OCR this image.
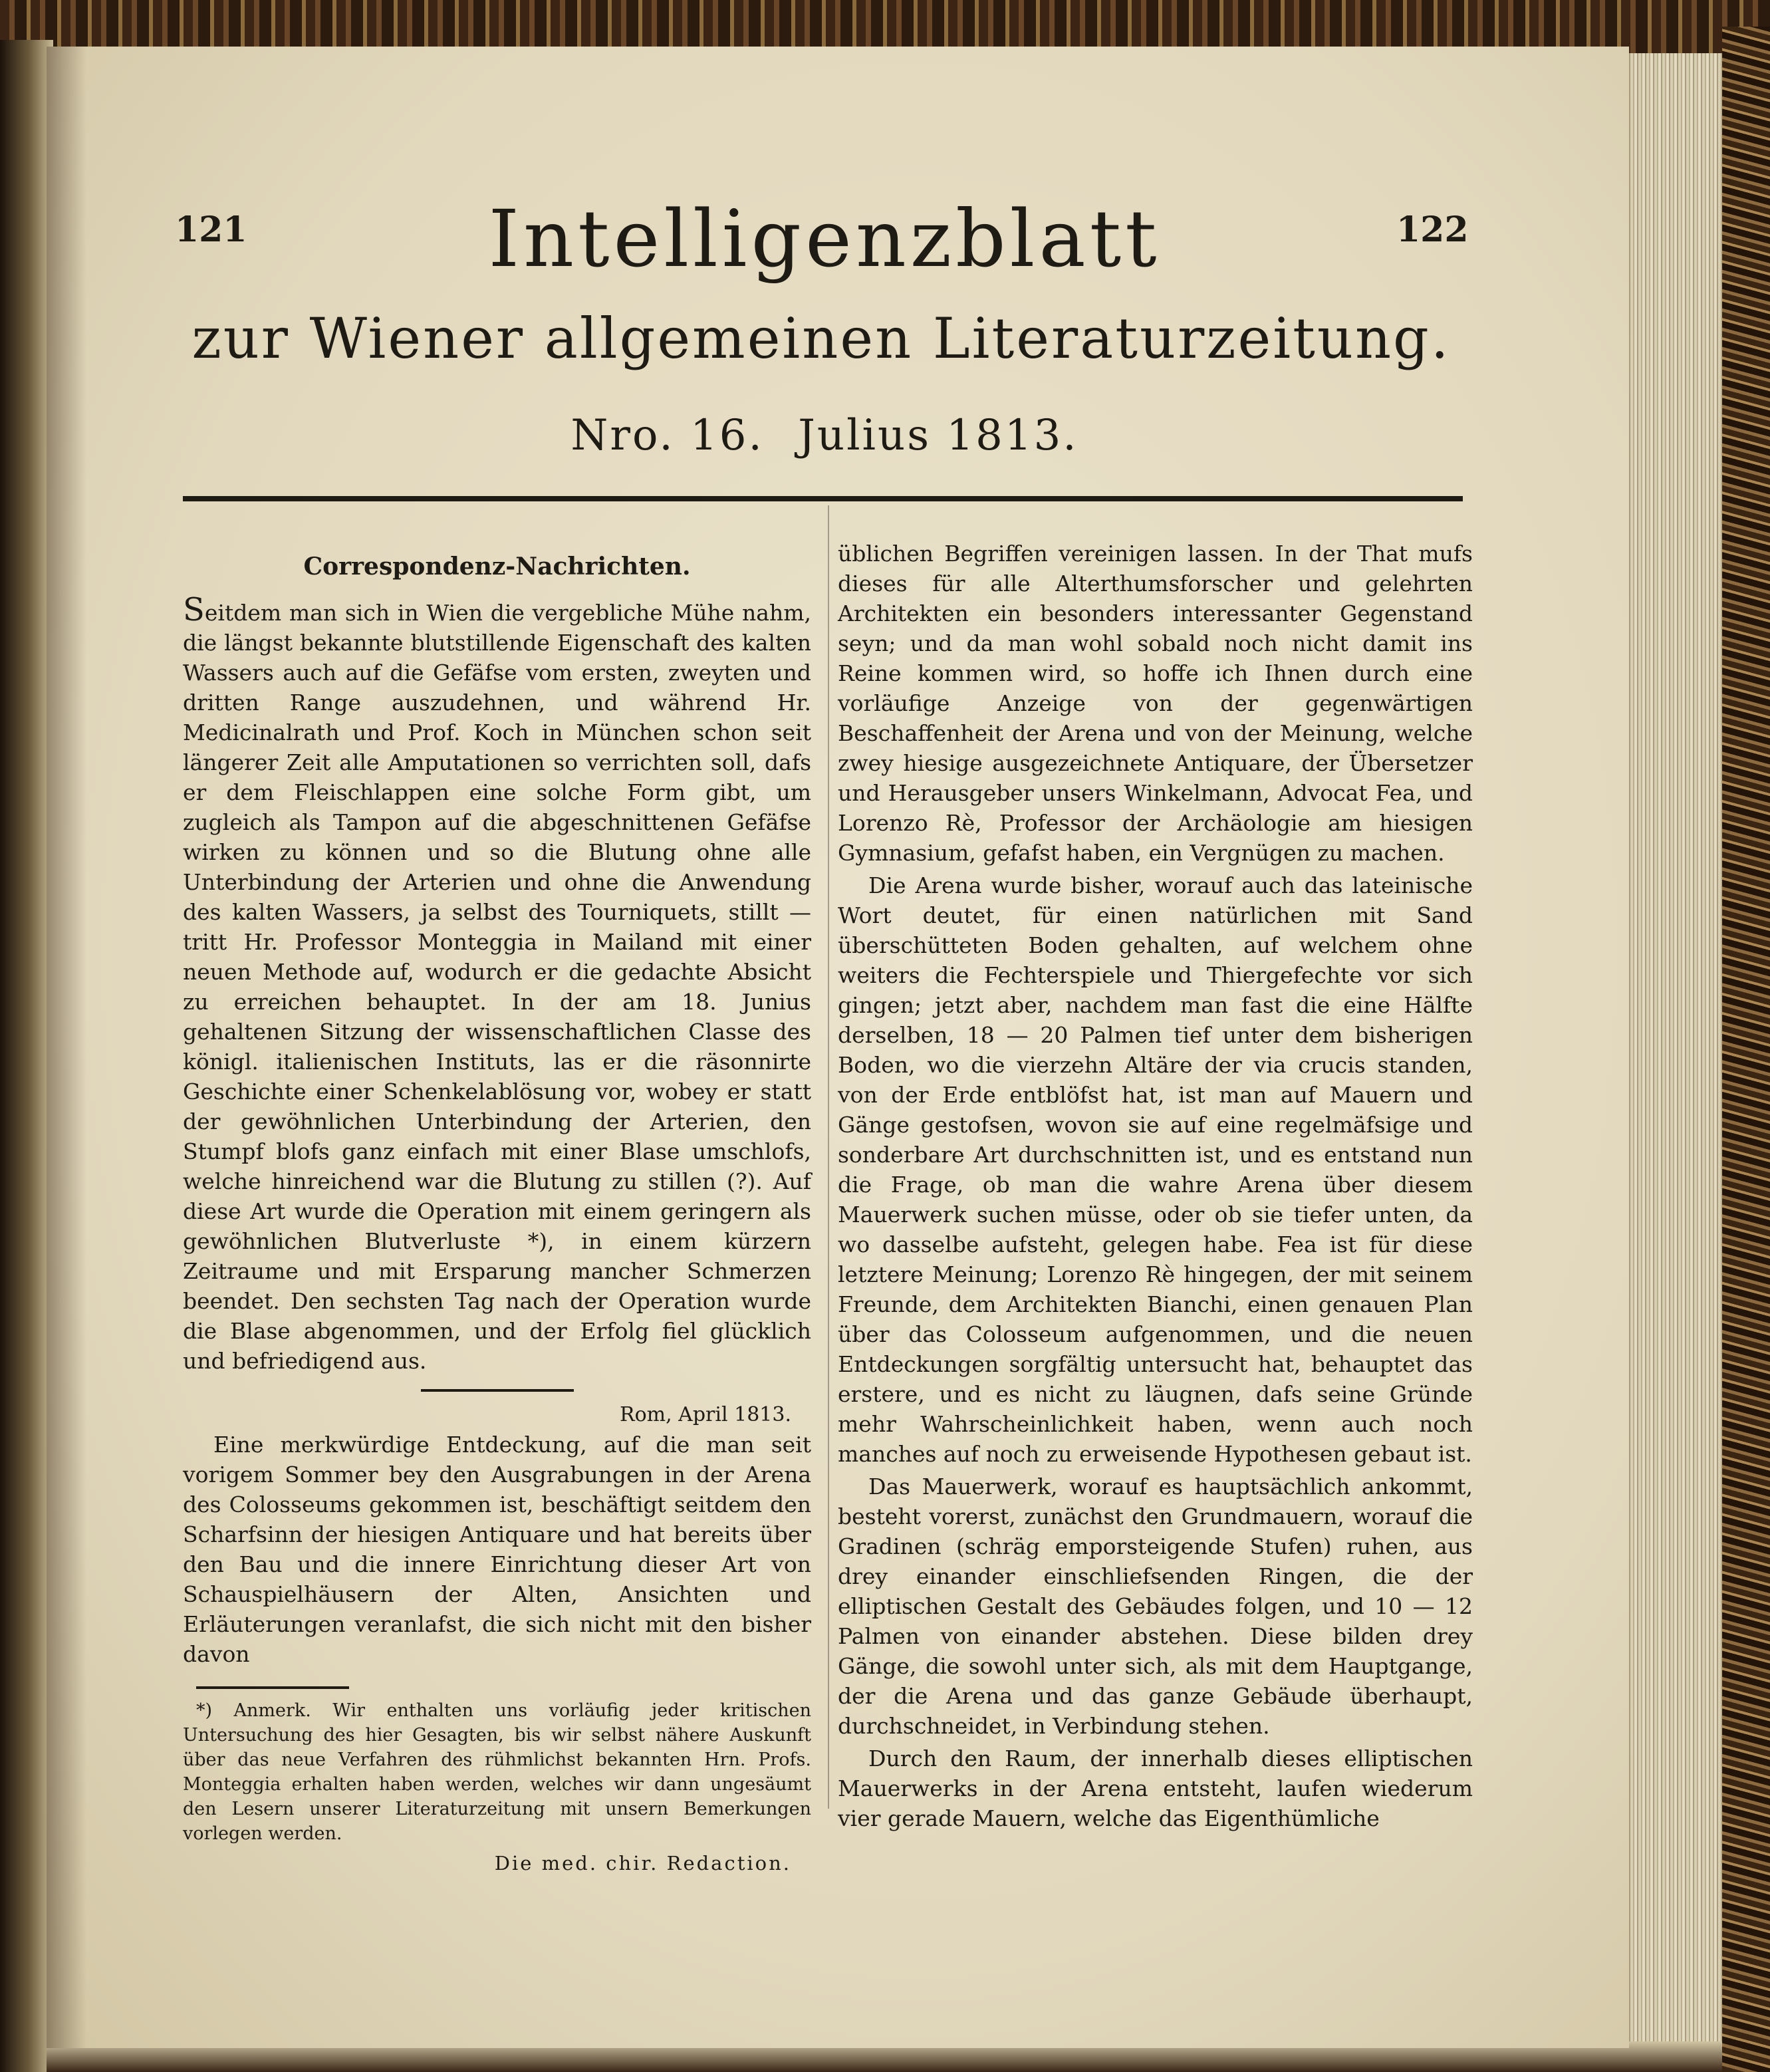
121	122
Intelligenzblatt
zur Wiener allgemeinen Literaturzeitung.
Nro. 16. Julius 1813.
Correspondenz-Nachrichten.

Seitdem man sich in Wien die vergebliche Mühe nahm, die längst bekannte blutstillende Eigenschaft des kalten Wassers auch auf die Gefäfse vom ersten, zweyten und dritten Range auszudehnen, und während Hr. Medicinalrath und Prof. Koch in München schon seit längerer Zeit alle Amputationen so verrichten soll, dafs er dem Fleischlappen eine solche Form gibt, um zugleich als Tampon auf die abgeschnittenen Gefäfse wirken zu können und so die Blutung ohne alle Unterbindung der Arterien und ohne die Anwendung des kalten Wassers, ja selbst des Tourniquets, stillt — tritt Hr. Professor Monteggia in Mailand mit einer neuen Methode auf, wodurch er die gedachte Absicht zu erreichen behauptet. In der am 18. Junius gehaltenen Sitzung der wissenschaftlichen Classe des königl. italienischen Instituts, las er die räsonnirte Geschichte einer Schenkelablösung vor, wobey er statt der gewöhnlichen Unterbindung der Arterien, den Stumpf blofs ganz einfach mit einer Blase umschlofs, welche hinreichend war die Blutung zu stillen (?). Auf diese Art wurde die Operation mit einem geringern als gewöhnlichen Blutverluste *), in einem kürzern Zeitraume und mit Ersparung mancher Schmerzen beendet. Den sechsten Tag nach der Operation wurde die Blase abgenommen, und der Erfolg fiel glücklich und befriedigend aus.

Rom, April 1813.

Eine merkwürdige Entdeckung, auf die man seit vorigem Sommer bey den Ausgrabungen in der Arena des Colosseums gekommen ist, beschäftigt seitdem den Scharfsinn der hiesigen Antiquare und hat bereits über den Bau und die innere Einrichtung dieser Art von Schauspielhäusern der Alten, Ansichten und Erläuterungen veranlafst, die sich nicht mit den bisher davon

*) Anmerk. Wir enthalten uns vorläufig jeder kritischen Untersuchung des hier Gesagten, bis wir selbst nähere Auskunft über das neue Verfahren des rühmlichst bekannten Hrn. Profs. Monteggia erhalten haben werden, welches wir dann ungesäumt den Lesern unserer Literaturzeitung mit unsern Bemerkungen vorlegen werden.

Die med. chir. Redaction.

üblichen Begriffen vereinigen lassen. In der That mufs dieses für alle Alterthumsforscher und gelehrten Architekten ein besonders interessanter Gegenstand seyn; und da man wohl sobald noch nicht damit ins Reine kommen wird, so hoffe ich Ihnen durch eine vorläufige Anzeige von der gegenwärtigen Beschaffenheit der Arena und von der Meinung, welche zwey hiesige ausgezeichnete Antiquare, der Übersetzer und Herausgeber unsers Winkelmann, Advocat Fea, und Lorenzo Rè, Professor der Archäologie am hiesigen Gymnasium, gefafst haben, ein Vergnügen zu machen.

Die Arena wurde bisher, worauf auch das lateinische Wort deutet, für einen natürlichen mit Sand überschütteten Boden gehalten, auf welchem ohne weiters die Fechterspiele und Thiergefechte vor sich gingen; jetzt aber, nachdem man fast die eine Hälfte derselben, 18 — 20 Palmen tief unter dem bisherigen Boden, wo die vierzehn Altäre der via crucis standen, von der Erde entblöfst hat, ist man auf Mauern und Gänge gestofsen, wovon sie auf eine regelmäfsige und sonderbare Art durchschnitten ist, und es entstand nun die Frage, ob man die wahre Arena über diesem Mauerwerk suchen müsse, oder ob sie tiefer unten, da wo dasselbe aufsteht, gelegen habe. Fea ist für diese letztere Meinung; Lorenzo Rè hingegen, der mit seinem Freunde, dem Architekten Bianchi, einen genauen Plan über das Colosseum aufgenommen, und die neuen Entdeckungen sorgfältig untersucht hat, behauptet das erstere, und es nicht zu läugnen, dafs seine Gründe mehr Wahrscheinlichkeit haben, wenn auch noch manches auf noch zu erweisende Hypothesen gebaut ist.

Das Mauerwerk, worauf es hauptsächlich ankommt, besteht vorerst, zunächst den Grundmauern, worauf die Gradinen (schräg emporsteigende Stufen) ruhen, aus drey einander einschliefsenden Ringen, die der elliptischen Gestalt des Gebäudes folgen, und 10 — 12 Palmen von einander abstehen. Diese bilden drey Gänge, die sowohl unter sich, als mit dem Hauptgange, der die Arena und das ganze Gebäude überhaupt, durchschneidet, in Verbindung stehen.

Durch den Raum, der innerhalb dieses elliptischen Mauerwerks in der Arena entsteht, laufen wiederum vier gerade Mauern, welche das Eigenthümliche
